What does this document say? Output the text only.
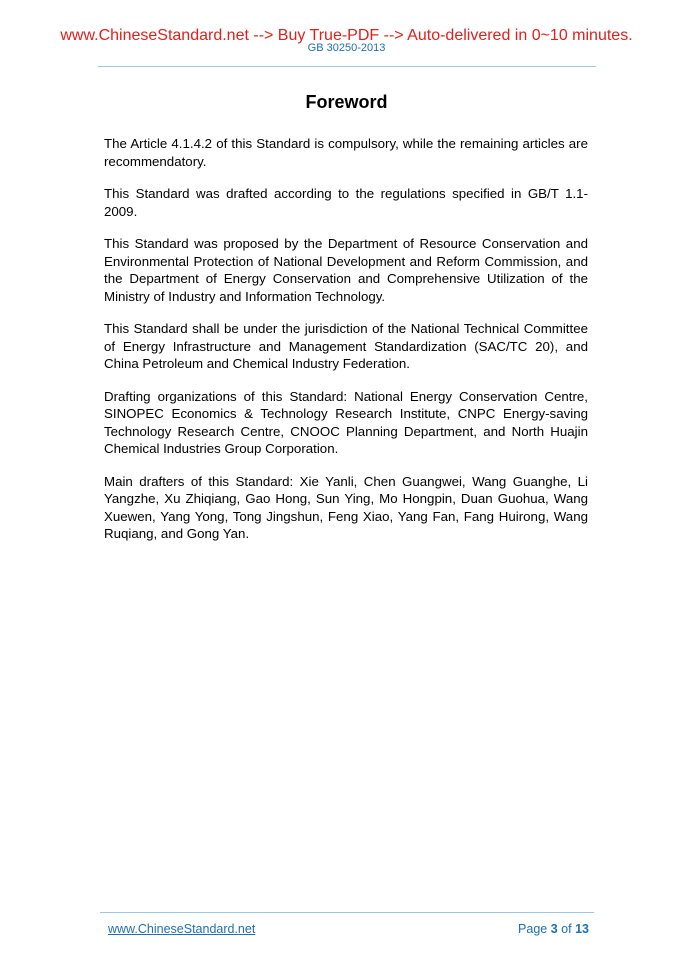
www.ChineseStandard.net --> Buy True-PDF --> Auto-delivered in 0~10 minutes.
GB 30250-2013
Foreword

The Article 4.1.4.2 of this Standard is compulsory, while the remaining articles are recommendatory.

This Standard was drafted according to the regulations specified in GB/T 1.1-2009.

This Standard was proposed by the Department of Resource Conservation and Environmental Protection of National Development and Reform Commission, and the Department of Energy Conservation and Comprehensive Utilization of the Ministry of Industry and Information Technology.

This Standard shall be under the jurisdiction of the National Technical Committee of Energy Infrastructure and Management Standardization (SAC/TC 20), and China Petroleum and Chemical Industry Federation.

Drafting organizations of this Standard: National Energy Conservation Centre, SINOPEC Economics & Technology Research Institute, CNPC Energy-saving Technology Research Centre, CNOOC Planning Department, and North Huajin Chemical Industries Group Corporation.

Main drafters of this Standard: Xie Yanli, Chen Guangwei, Wang Guanghe, Li Yangzhe, Xu Zhiqiang, Gao Hong, Sun Ying, Mo Hongpin, Duan Guohua, Wang Xuewen, Yang Yong, Tong Jingshun, Feng Xiao, Yang Fan, Fang Huirong, Wang Ruqiang, and Gong Yan.

www.ChineseStandard.net	Page 3 of 13
